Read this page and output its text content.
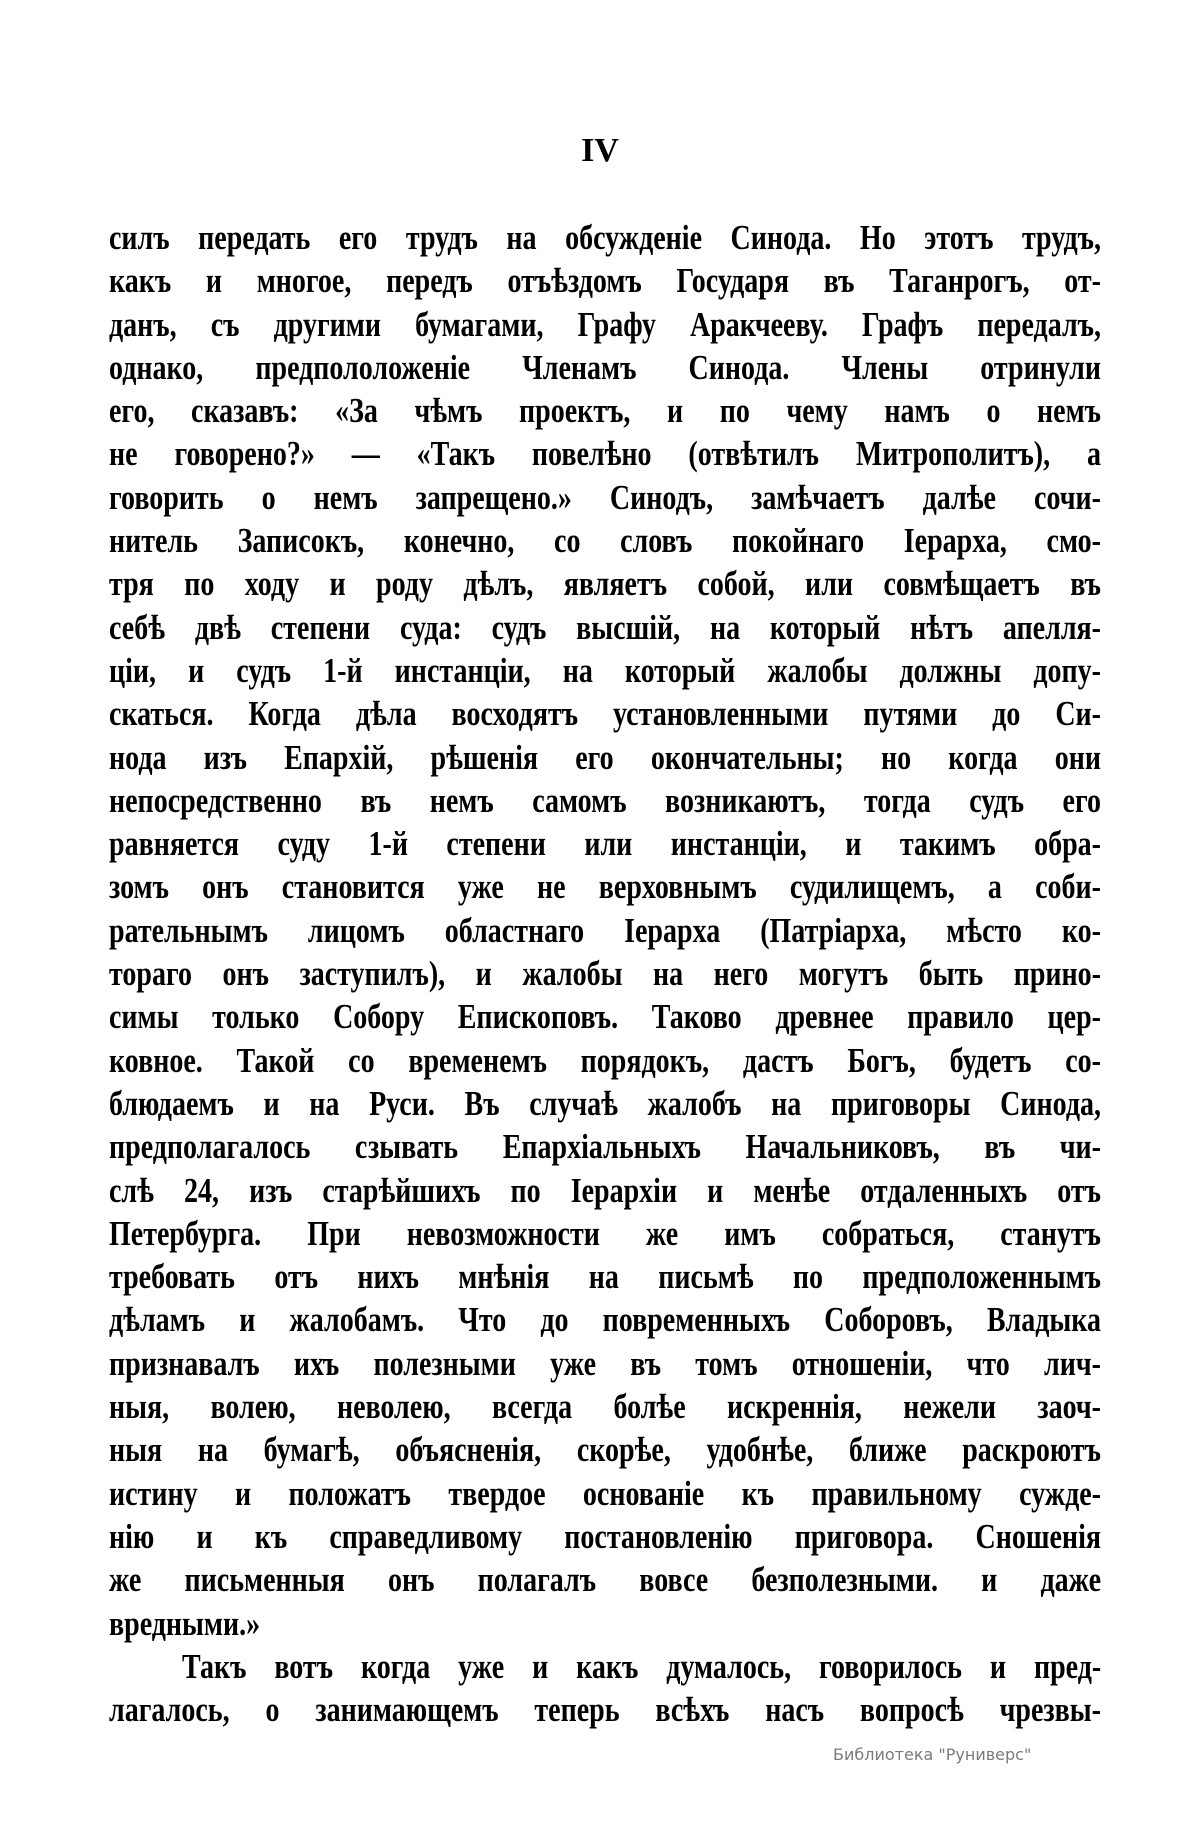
IV
силъ передать его трудъ на обсужденіе Синода. Но этотъ трудъ,
какъ и многое, передъ отъѣздомъ Государя въ Таганрогъ, от-
данъ, съ другими бумагами, Графу Аракчееву. Графъ передалъ,
однако, предпололоженіе Членамъ Синода. Члены отринули
его, сказавъ: «За чѣмъ проектъ, и по чему намъ о немъ
не говорено?» — «Такъ повелѣно (отвѣтилъ Митрополитъ), а
говорить о немъ запрещено.» Синодъ, замѣчаетъ далѣе сочи-
нитель Записокъ, конечно, со словъ покойнаго Іерарха, смо-
тря по ходу и роду дѣлъ, являетъ собой, или совмѣщаетъ въ
себѣ двѣ степени суда: судъ высшій, на который нѣтъ апелля-
ціи, и судъ 1-й инстанціи, на который жалобы должны допу-
скаться. Когда дѣла восходятъ установленными путями до Си-
нода изъ Епархій, рѣшенія его окончательны; но когда они
непосредственно въ немъ самомъ возникаютъ, тогда судъ его
равняется суду 1-й степени или инстанціи, и такимъ обра-
зомъ онъ становится уже не верховнымъ судилищемъ, а соби-
рательнымъ лицомъ областнаго Іерарха (Патріарха, мѣсто ко-
тораго онъ заступилъ), и жалобы на него могутъ быть прино-
симы только Собору Епископовъ. Таково древнее правило цер-
ковное. Такой со временемъ порядокъ, дастъ Богъ, будетъ со-
блюдаемъ и на Руси. Въ случаѣ жалобъ на приговоры Синода,
предполагалось сзывать Епархіальныхъ Начальниковъ, въ чи-
слѣ 24, изъ старѣйшихъ по Іерархіи и менѣе отдаленныхъ отъ
Петербурга. При невозможности же имъ собраться, станутъ
требовать отъ нихъ мнѣнія на письмѣ по предположеннымъ
дѣламъ и жалобамъ. Что до повременныхъ Соборовъ, Владыка
признавалъ ихъ полезными уже въ томъ отношеніи, что лич-
ныя, волею, неволею, всегда болѣе искреннія, нежели заоч-
ныя на бумагѣ, объясненія, скорѣе, удобнѣе, ближе раскроютъ
истину и положатъ твердое основаніе къ правильному сужде-
нію и къ справедливому постановленію приговора. Сношенія
же письменныя онъ полагалъ вовсе безполезными. и даже
вредными.»
Такъ вотъ когда уже и какъ думалось, говорилось и пред-
лагалось, о занимающемъ теперь всѣхъ насъ вопросѣ чрезвы-
Библиотека "Руниверс"
